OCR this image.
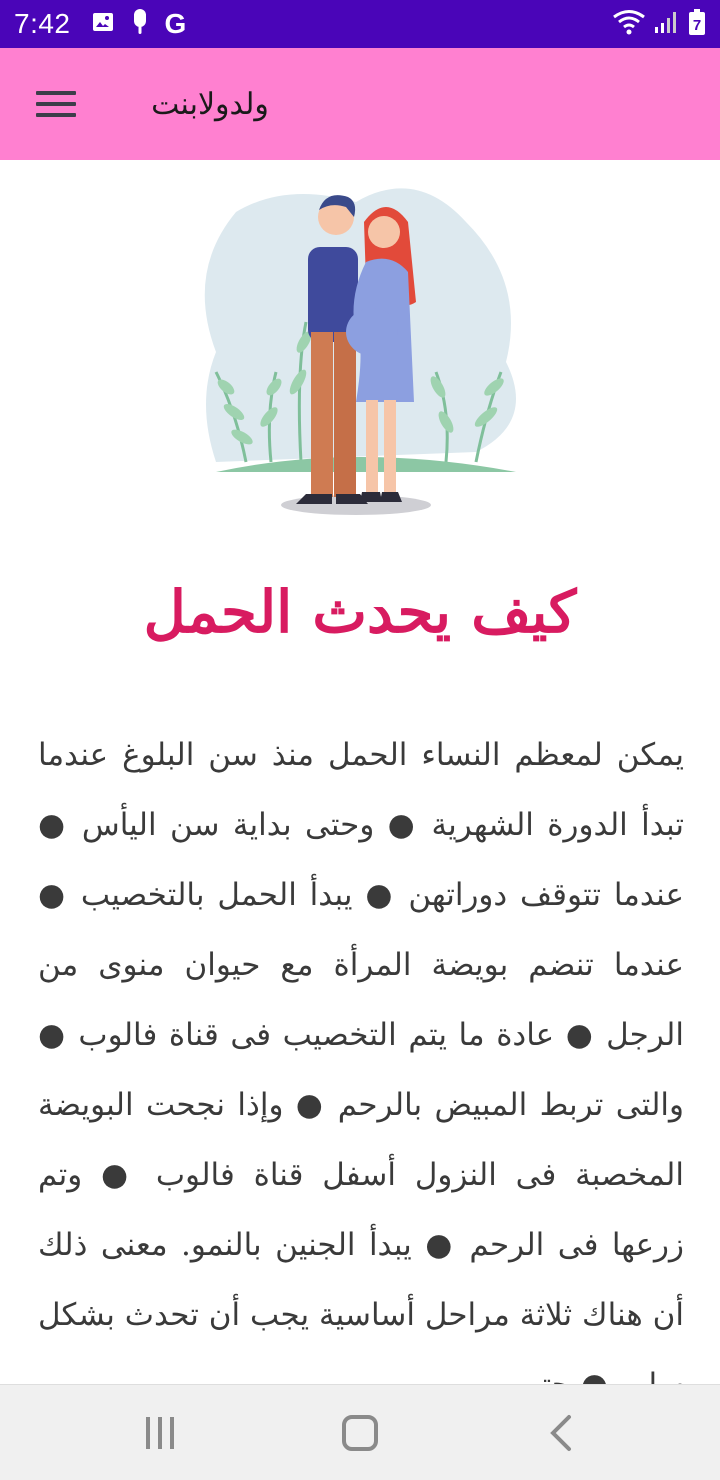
7:42	G	7
ولدولابنت
كيف يحدث الحمل
يمكن لمعظم النساء الحمل منذ سن البلوغ عندما تبدأ الدورة الشهرية ● وحتى بداية سن اليأس ● عندما تتوقف دوراتهن ● يبدأ الحمل بالتخصيب ● عندما تنضم بويضة المرأة مع حيوان منوى من الرجل ● عادة ما يتم التخصيب فى قناة فالوب ● والتى تربط المبيض بالرحم ● وإذا نجحت البويضة المخصبة فى النزول أسفل قناة فالوب ● وتم زرعها فى الرحم ● يبدأ الجنين بالنمو. معنى ذلك أن هناك ثلاثة مراحل أساسية يجب أن تحدث بشكل
